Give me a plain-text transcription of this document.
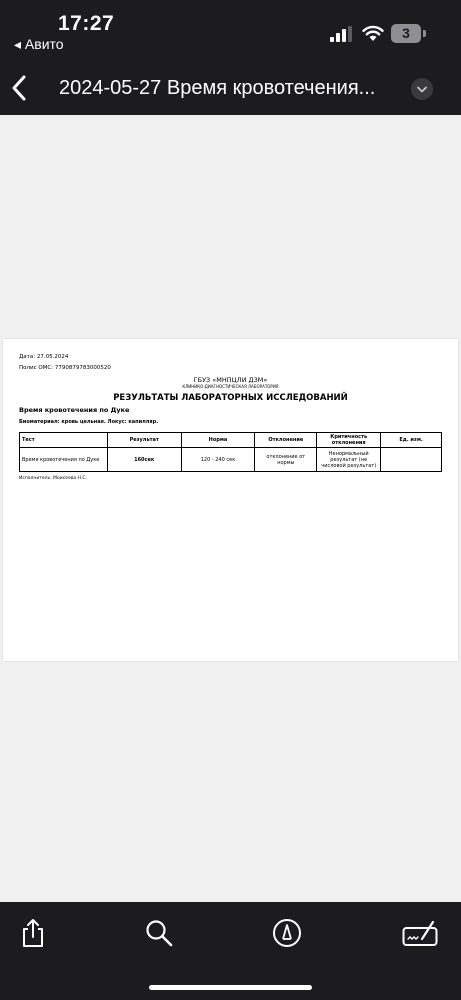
17:27
◂ Авито
3
2024-05-27 Время кровотечения...
Дата: 27.05.2024
Полис ОМС: 7790879783000520
ГБУЗ «МНПЦЛИ ДЗМ»
КЛИНИКО-ДИАГНОСТИЧЕСКАЯ ЛАБОРАТОРИЯ
РЕЗУЛЬТАТЫ ЛАБОРАТОРНЫХ ИССЛЕДОВАНИЙ
Время кровотечения по Дуке
Биоматериал: кровь цельная. Локус: капилляр.
Тест	Результат	Норма	Отклонение	Критичность отклонения	Ед. изм.
Время кровотечения по Дуке	160сек	120 - 240 сек	отклонение от нормы	Ненормальный результат (не числовой результат)	
Исполнитель: Моисеева Н.С.
